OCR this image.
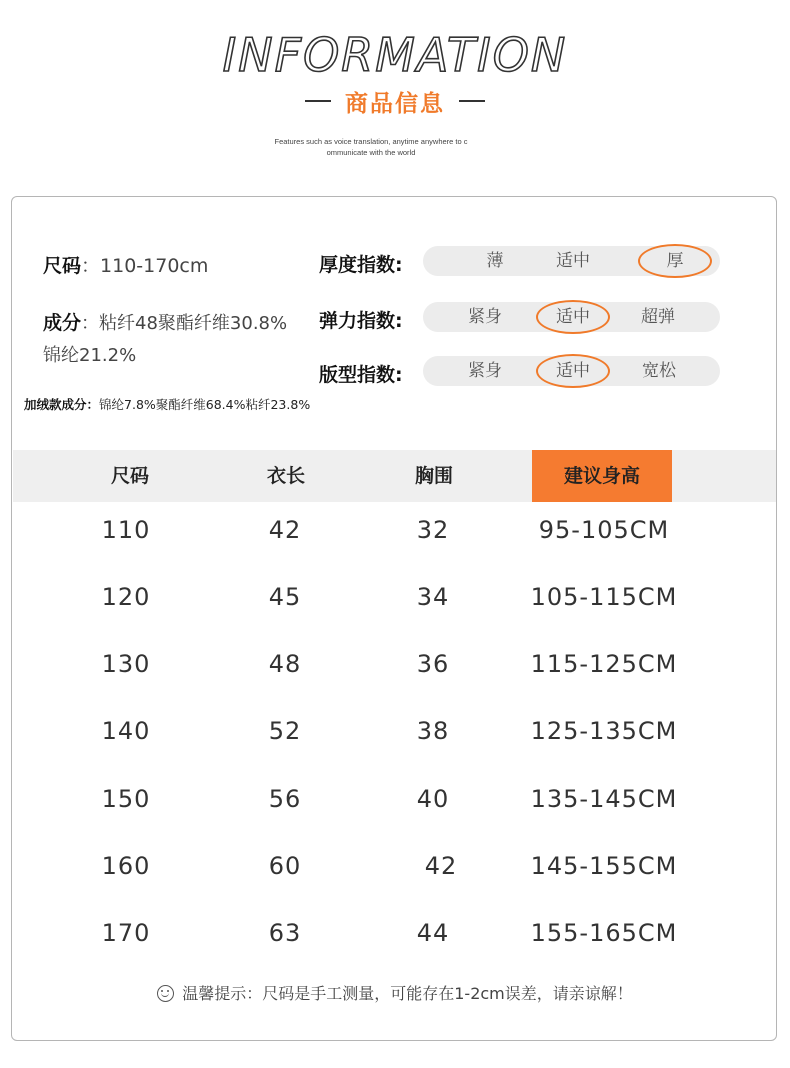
INFORMATION
商品信息
Features such as voice translation, anytime anywhere to c
ommunicate with the world
尺码：110-170cm
成分：粘纤48聚酯纤维30.8%
锦纶21.2%
加绒款成分：锦纶7.8%聚酯纤维68.4%粘纤23.8%
厚度指数:	薄	适中	厚
弹力指数:	紧身	适中	超弹
版型指数:	紧身	适中	宽松
尺码	衣长	胸围	建议身高
110	42	32	95-105CM
120	45	34	105-115CM
130	48	36	115-125CM
140	52	38	125-135CM
150	56	40	135-145CM
160	60	42	145-155CM
170	63	44	155-165CM
温馨提示：尺码是手工测量，可能存在1-2cm误差，请亲谅解！
